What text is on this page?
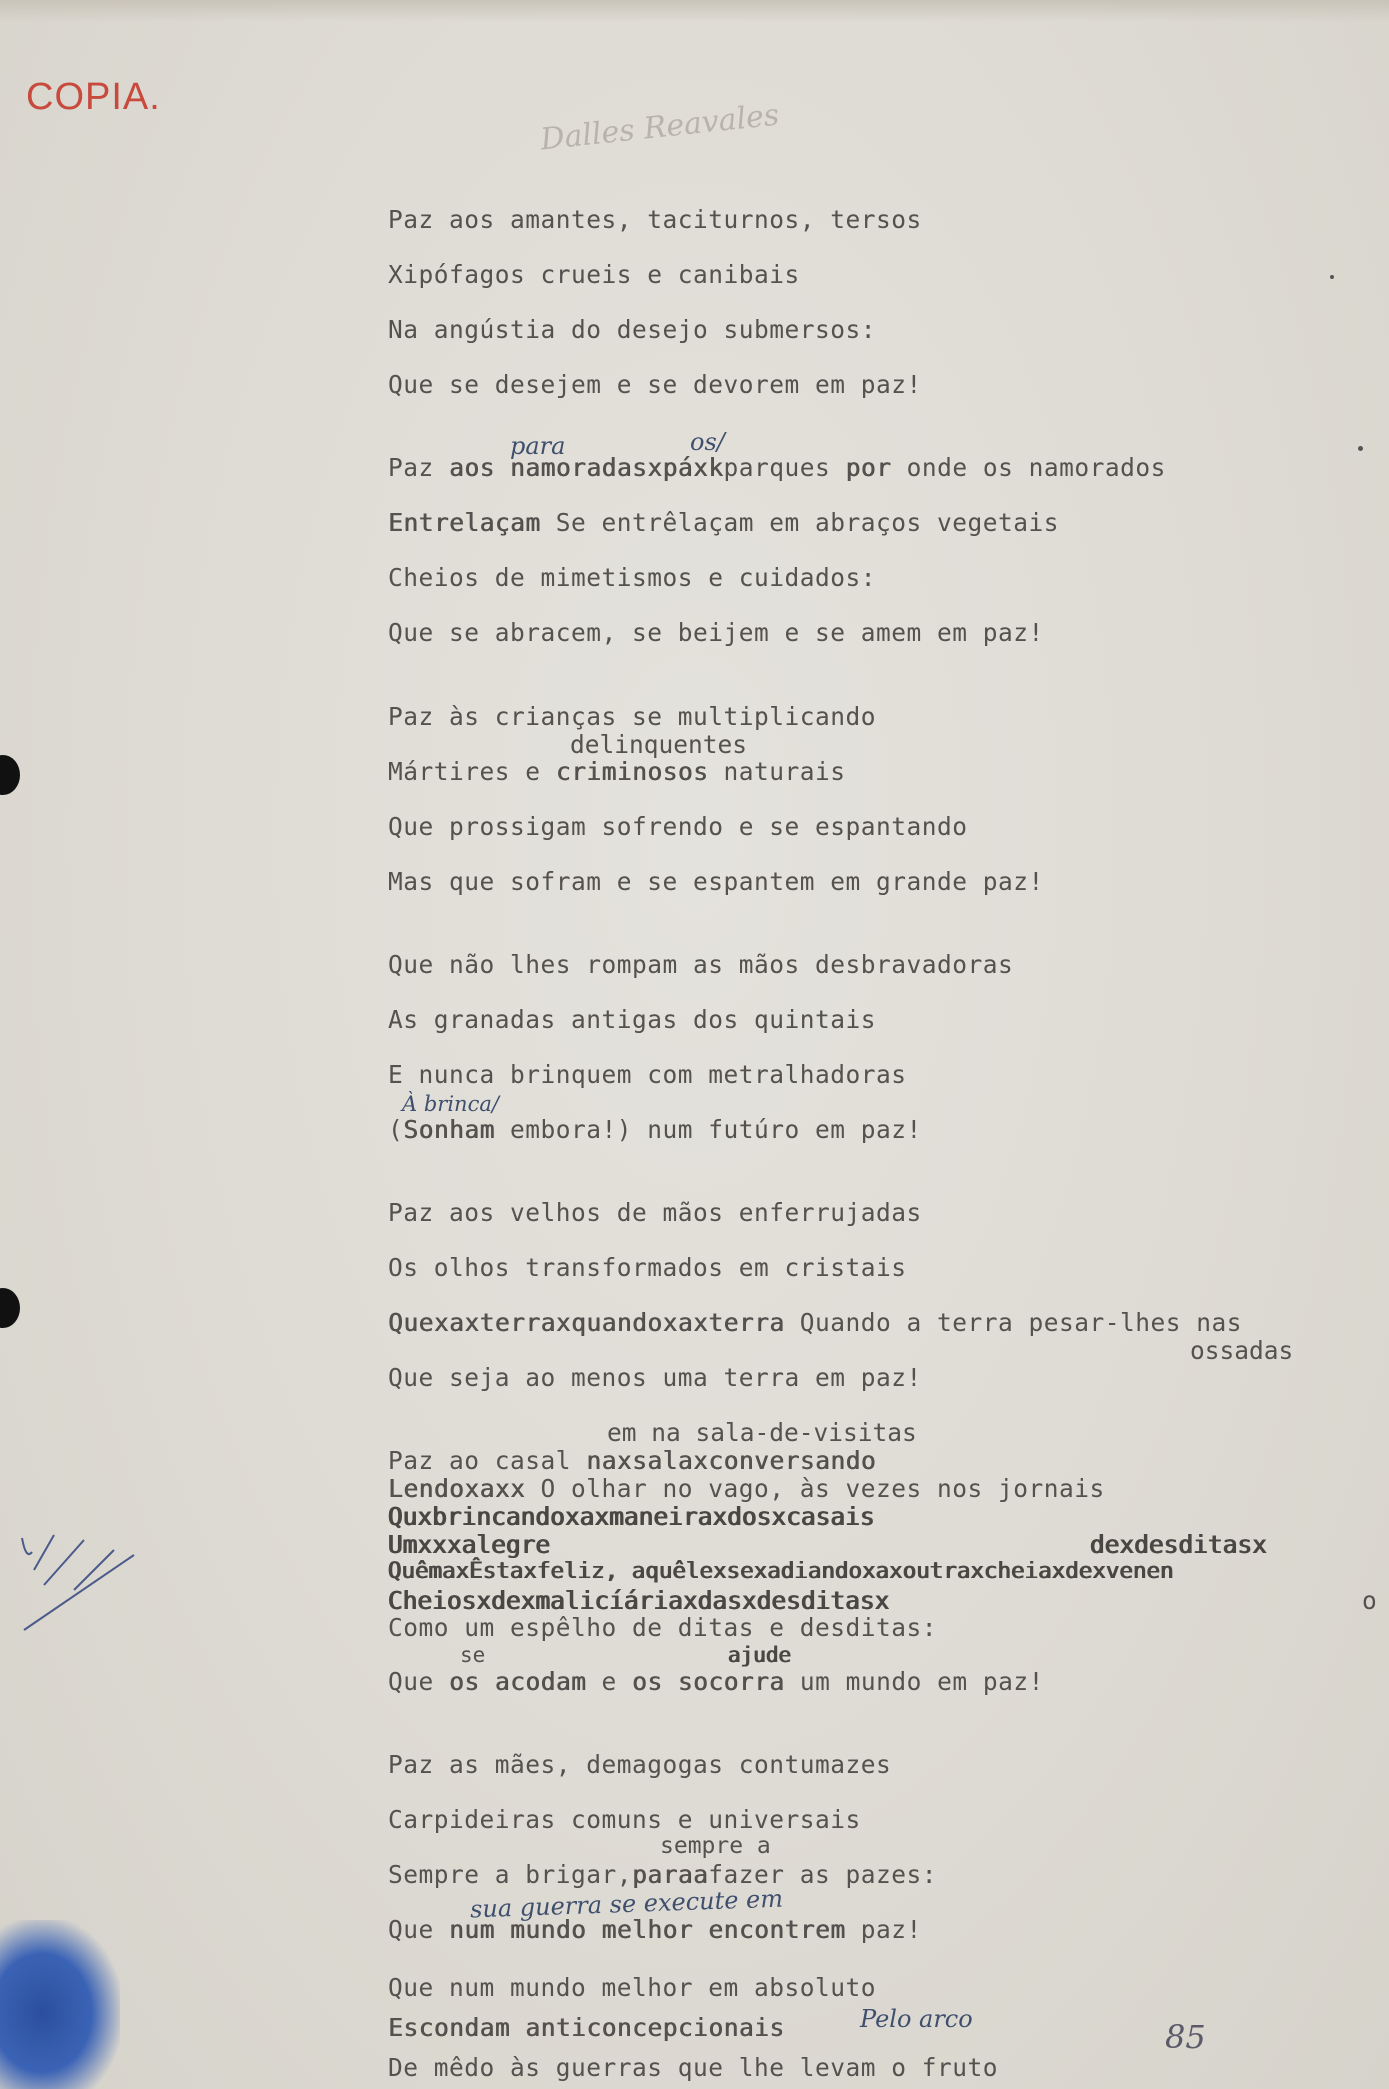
COPIA.
Dalles Reavales
Paz aos amantes, taciturnos, tersos
Xipófagos crueis e canibais
Na angústia do desejo submersos:
Que se desejem e se devorem em paz!
para	os/
Paz aos namoradasxpáxkparques por onde os namorados
Entrelaçam Se entrêlaçam em abraços vegetais
Cheios de mimetismos e cuidados:
Que se abracem, se beijem e se amem em paz!
Paz às crianças se multiplicando
delinquentes
Mártires e criminosos naturais
Que prossigam sofrendo e se espantando
Mas que sofram e se espantem em grande paz!
Que não lhes rompam as mãos desbravadoras
As granadas antigas dos quintais
E nunca brinquem com metralhadoras
À brinca/
(Sonham embora!) num futúro em paz!
Paz aos velhos de mãos enferrujadas
Os olhos transformados em cristais
Quexaxterraxquandoxaxterra Quando a terra pesar-lhes nas
ossadas
Que seja ao menos uma terra em paz!
em na sala-de-visitas
Paz ao casal naxsalaxconversando
Lendoxaxx O olhar no vago, às vezes nos jornais
Quxbrincandoxaxmaneiraxdosxcasais
Umxxxalegre	dexdesditasx
QuêmaxÊstaxfeliz, aquêlexsexadiandoxaxoutraxcheiaxdexvenen
Cheiosxdexmalicíáriaxdasxdesditasx	o
Como um espêlho de ditas e desditas:
se	ajude
Que os acodam e os socorra um mundo em paz!
Paz as mães, demagogas contumazes
Carpideiras comuns e universais
sempre a
Sempre a brigar,paraafazer as pazes:
sua guerra se execute em
Que num mundo melhor encontrem paz!
Que num mundo melhor em absoluto
Escondam anticoncepcionais	Pelo arco
De mêdo às guerras que lhe levam o fruto
85
